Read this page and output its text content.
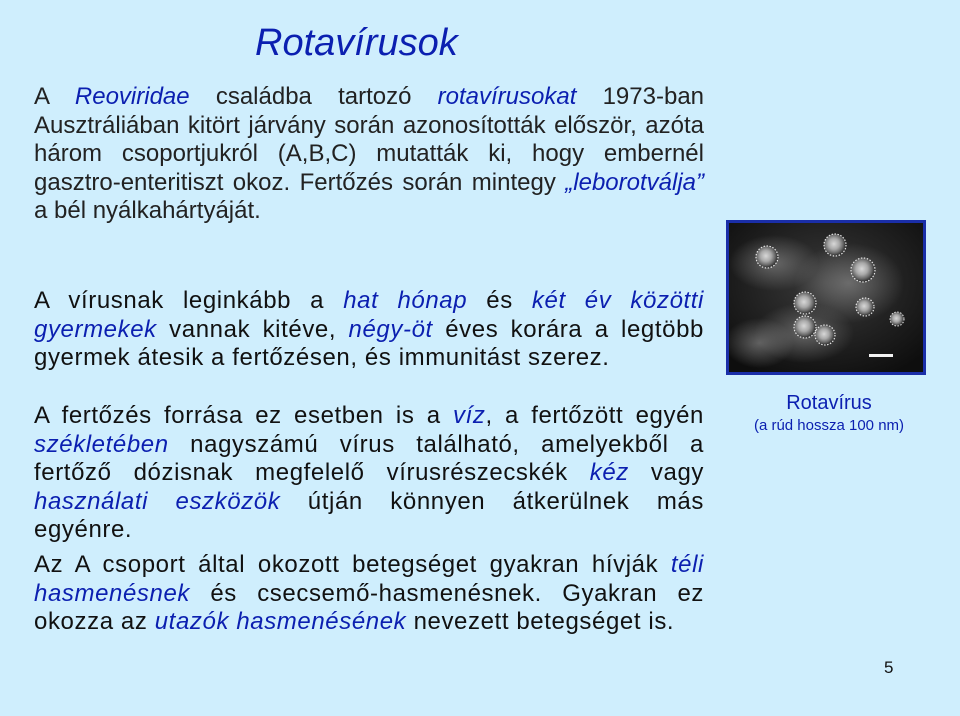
Rotavírusok
A Reoviridae családba tartozó rotavírusokat 1973-ban Ausztráliában kitört járvány során azonosították először, azóta három csoportjukról (A,B,C) mutatták ki, hogy embernél gasztro-enteritiszt okoz. Fertőzés során mintegy „leborotválja” a bél nyálkahártyáját.
A vírusnak leginkább a hat hónap és két év közötti gyermekek vannak kitéve, négy-öt éves korára a legtöbb gyermek átesik a fertőzésen, és immunitást szerez.
A fertőzés forrása ez esetben is a víz, a fertőzött egyén székletében nagyszámú vírus található, amelyekből a fertőző dózisnak megfelelő vírusrészecskék kéz vagy használati eszközök útján könnyen átkerülnek más egyénre.
Az A csoport által okozott betegséget gyakran hívják téli hasmenésnek és csecsemő-hasmenésnek. Gyakran ez okozza az utazók hasmenésének nevezett betegséget is.
Rotavírus
(a rúd hossza 100 nm)
5
